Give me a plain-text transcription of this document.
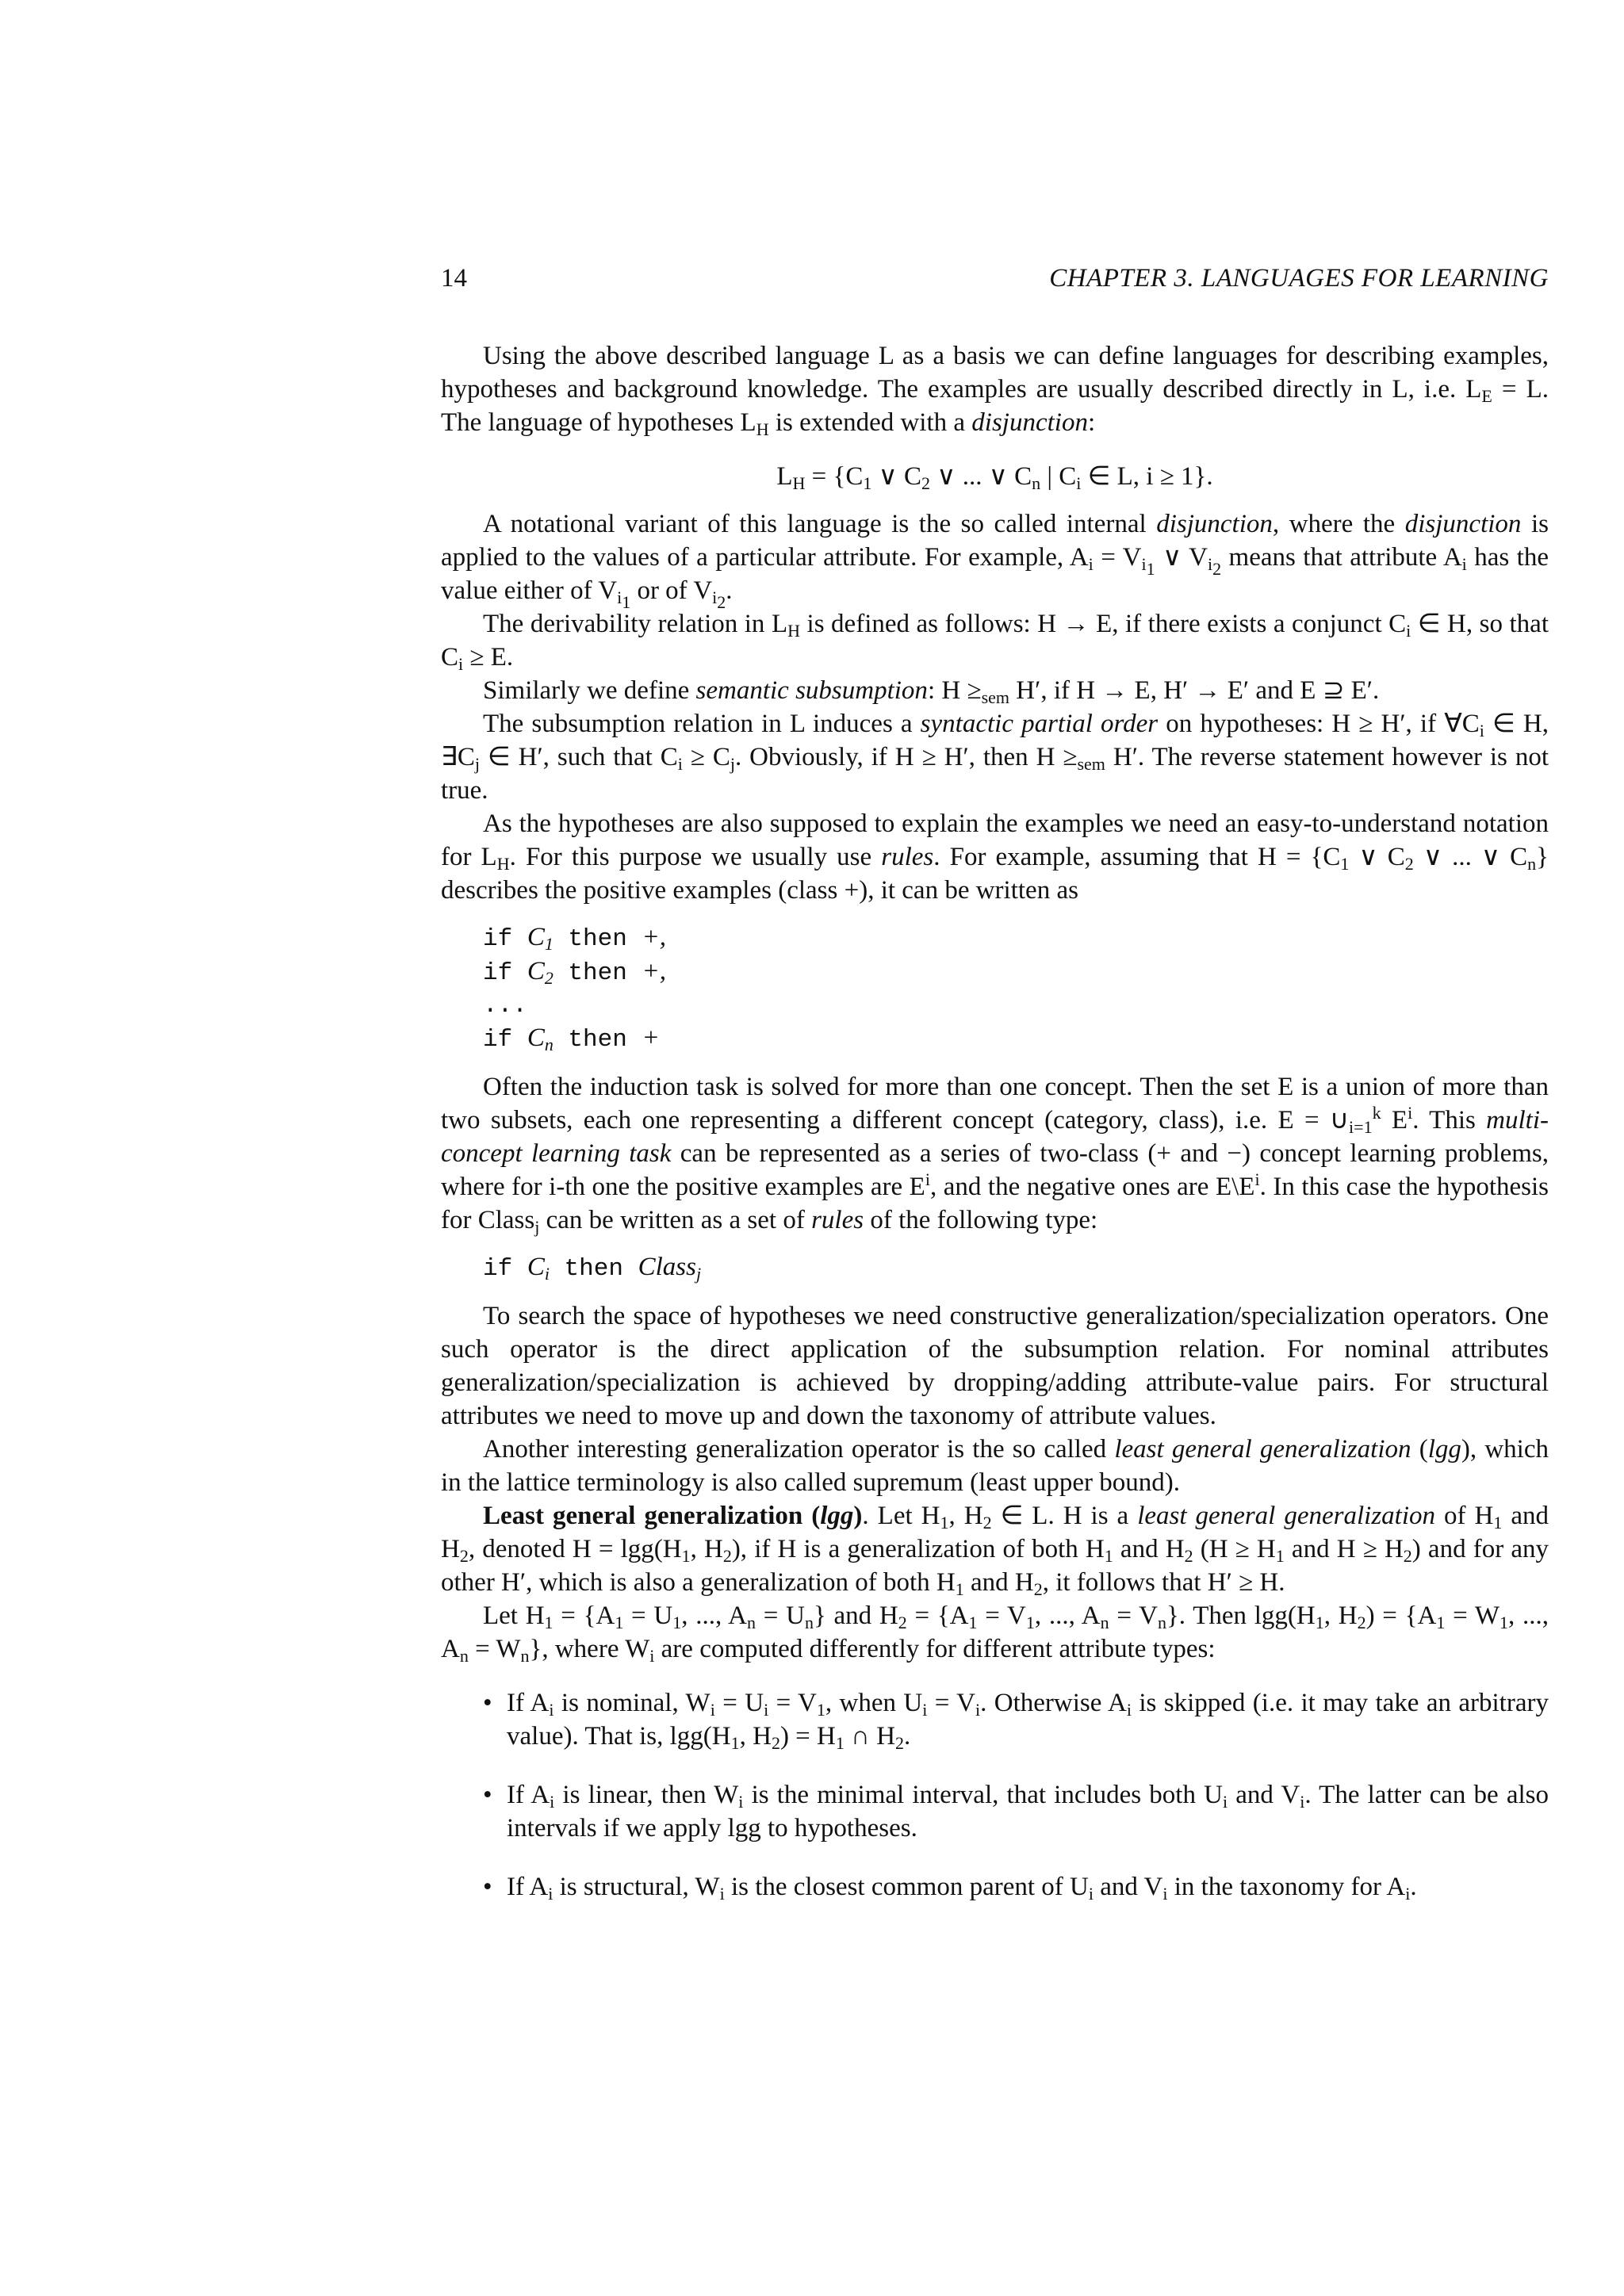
14	CHAPTER 3. LANGUAGES FOR LEARNING

Using the above described language L as a basis we can define languages for describing examples, hypotheses and background knowledge. The examples are usually described directly in L, i.e. $L_E = L$. The language of hypotheses $L_H$ is extended with a disjunction:

$L_H = \{C_1$ ∨ $C_2$ ∨ ... ∨ $C_n$ | $C_i$ ∈ L, i ≥ 1}.

A notational variant of this language is the so called internal disjunction, where the disjunction is applied to the values of a particular attribute. For example, $A_i = V_{i_1}$ ∨ $V_{i_2}$ means that attribute $A_i$ has the value either of $V_{i_1}$ or of $V_{i_2}$.

The derivability relation in $L_H$ is defined as follows: H → E, if there exists a conjunct $C_i$ ∈ H, so that $C_i \ge E$.

Similarly we define semantic subsumption: $H \ge_{sem}$ H′, if H → E, H′ → E′ and E ⊇ E′.

The subsumption relation in L induces a syntactic partial order on hypotheses: H ≥ H′, if $\forall C_i$ ∈ H, $\exists C_j$ ∈ H′, such that $C_i \ge C_j$. Obviously, if H ≥ H′, then $H \ge_{sem}$ H′. The reverse statement however is not true.

As the hypotheses are also supposed to explain the examples we need an easy-to-understand notation for $L_H$. For this purpose we usually use rules. For example, assuming that $H = \{C_1$ ∨ $C_2$ ∨ ... ∨ $C_n$} describes the positive examples (class +), it can be written as

if $C_1$ then +,
if $C_2$ then +,
...
if $C_n$ then +

Often the induction task is solved for more than one concept. Then the set E is a union of more than two subsets, each one representing a different concept (category, class), i.e. $E = \cup_{i=1}^k$ $E^i$. This multi-concept learning task can be represented as a series of two-class (+ and −) concept learning problems, where for i-th one the positive examples are $E^i$, and the negative ones are $E\backslash E^i$. In this case the hypothesis for Class$_j$ can be written as a set of rules of the following type:

if $C_i$ then Class$_j$

To search the space of hypotheses we need constructive generalization/specialization operators. One such operator is the direct application of the subsumption relation. For nominal attributes generalization/specialization is achieved by dropping/adding attribute-value pairs. For structural attributes we need to move up and down the taxonomy of attribute values.

Another interesting generalization operator is the so called least general generalization (lgg), which in the lattice terminology is also called supremum (least upper bound).

Least general generalization (lgg). Let $H_1$, $H_2$ ∈ L. H is a least general generalization of $H_1$ and $H_2$, denoted $H = \lg g(H_1$, $H_2$), if H is a generalization of both $H_1$ and $H_2$ ($H \ge H_1$ and $H \ge H_2$) and for any other H′, which is also a generalization of both $H_1$ and $H_2$, it follows that H′ ≥ H.

Let $H_1 = \{A_1 = U_1$, ..., $A_n = U_n$} and $H_2 = \{A_1 = V_1$, ..., $A_n = V_n$}. Then $\lg g(H_1$, $H_2) = \{A_1 = W_1$, ..., $A_n = W_n$}, where $W_i$ are computed differently for different attribute types:

• If $A_i$ is nominal, $W_i = U_i = V_1$, when $U_i = V_i$. Otherwise $A_i$ is skipped (i.e. it may take an arbitrary value). That is, $\lg g(H_1$, $H_2) = H_1$ ∩ $H_2$.
• If $A_i$ is linear, then $W_i$ is the minimal interval, that includes both $U_i$ and $V_i$. The latter can be also intervals if we apply lgg to hypotheses.
• If $A_i$ is structural, $W_i$ is the closest common parent of $U_i$ and $V_i$ in the taxonomy for $A_i$.
